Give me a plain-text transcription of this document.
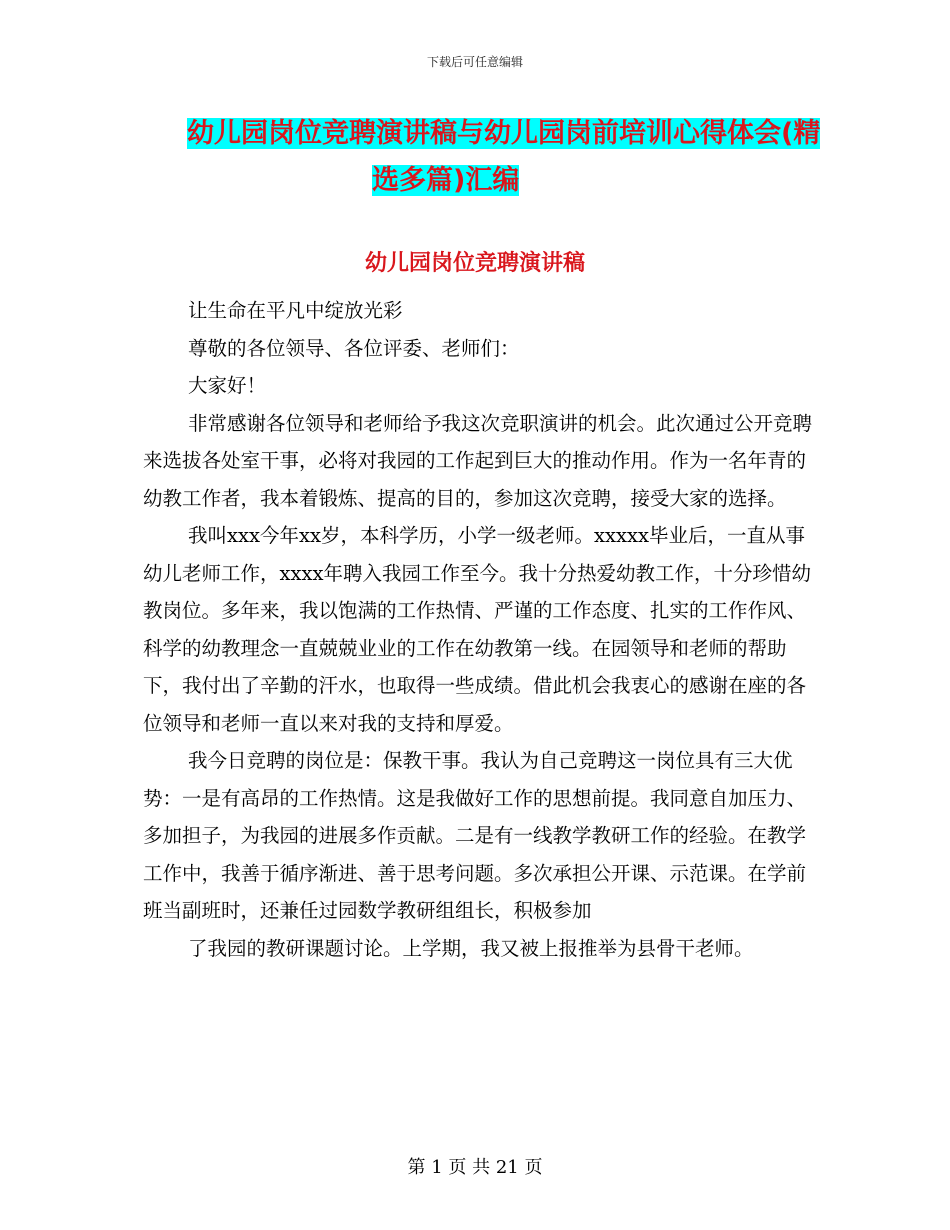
下载后可任意编辑
幼儿园岗位竞聘演讲稿与幼儿园岗前培训心得体会(精
选多篇)汇编
幼儿园岗位竞聘演讲稿

让生命在平凡中绽放光彩

尊敬的各位领导、各位评委、老师们：

大家好！

非常感谢各位领导和老师给予我这次竞职演讲的机会。此次通过公开竞聘来选拔各处室干事，必将对我园的工作起到巨大的推动作用。作为一名年青的幼教工作者，我本着锻炼、提高的目的，参加这次竞聘，接受大家的选择。

我叫xxx今年xx岁，本科学历，小学一级老师。xxxxx毕业后，一直从事幼儿老师工作，xxxx年聘入我园工作至今。我十分热爱幼教工作，十分珍惜幼教岗位。多年来，我以饱满的工作热情、严谨的工作态度、扎实的工作作风、科学的幼教理念一直兢兢业业的工作在幼教第一线。在园领导和老师的帮助下，我付出了辛勤的汗水，也取得一些成绩。借此机会我衷心的感谢在座的各位领导和老师一直以来对我的支持和厚爱。

我今日竞聘的岗位是：保教干事。我认为自己竞聘这一岗位具有三大优势：一是有高昂的工作热情。这是我做好工作的思想前提。我同意自加压力、多加担子，为我园的进展多作贡献。二是有一线教学教研工作的经验。在教学工作中，我善于循序渐进、善于思考问题。多次承担公开课、示范课。在学前班当副班时，还兼任过园数学教研组组长，积极参加

了我园的教研课题讨论。上学期，我又被上报推举为县骨干老师。

第 1 页 共 21 页
